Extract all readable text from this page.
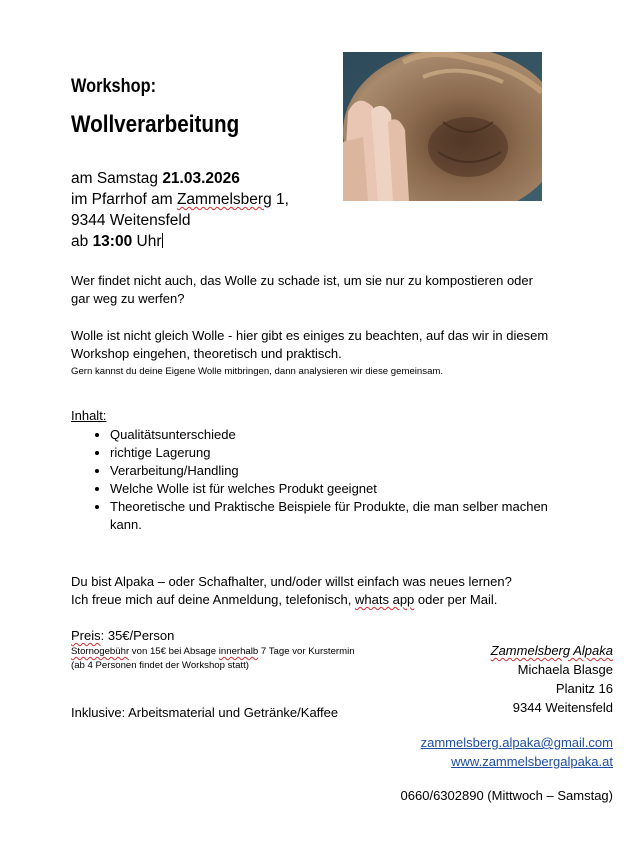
Workshop:
Wollverarbeitung
am Samstag 21.03.2026
im Pfarrhof am Zammelsberg 1,
9344 Weitensfeld
ab 13:00 Uhr
Wer findet nicht auch, das Wolle zu schade ist, um sie nur zu kompostieren oder gar weg zu werfen?
Wolle ist nicht gleich Wolle - hier gibt es einiges zu beachten, auf das wir in diesem Workshop eingehen, theoretisch und praktisch.
Gern kannst du deine Eigene Wolle mitbringen, dann analysieren wir diese gemeinsam.
Inhalt:
• Qualitätsunterschiede
• richtige Lagerung
• Verarbeitung/Handling
• Welche Wolle ist für welches Produkt geeignet
• Theoretische und Praktische Beispiele für Produkte, die man selber machen kann.
Du bist Alpaka – oder Schafhalter, und/oder willst einfach was neues lernen?
Ich freue mich auf deine Anmeldung, telefonisch, whats app oder per Mail.
Preis: 35€/Person
Stornogebühr von 15€ bei Absage innerhalb 7 Tage vor Kurstermin
(ab 4 Personen findet der Workshop statt)
Inklusive: Arbeitsmaterial und Getränke/Kaffee
Zammelsberg Alpaka
Michaela Blasge
Planitz 16
9344 Weitensfeld
zammelsberg.alpaka@gmail.com
www.zammelsbergalpaka.at
0660/6302890 (Mittwoch – Samstag)
